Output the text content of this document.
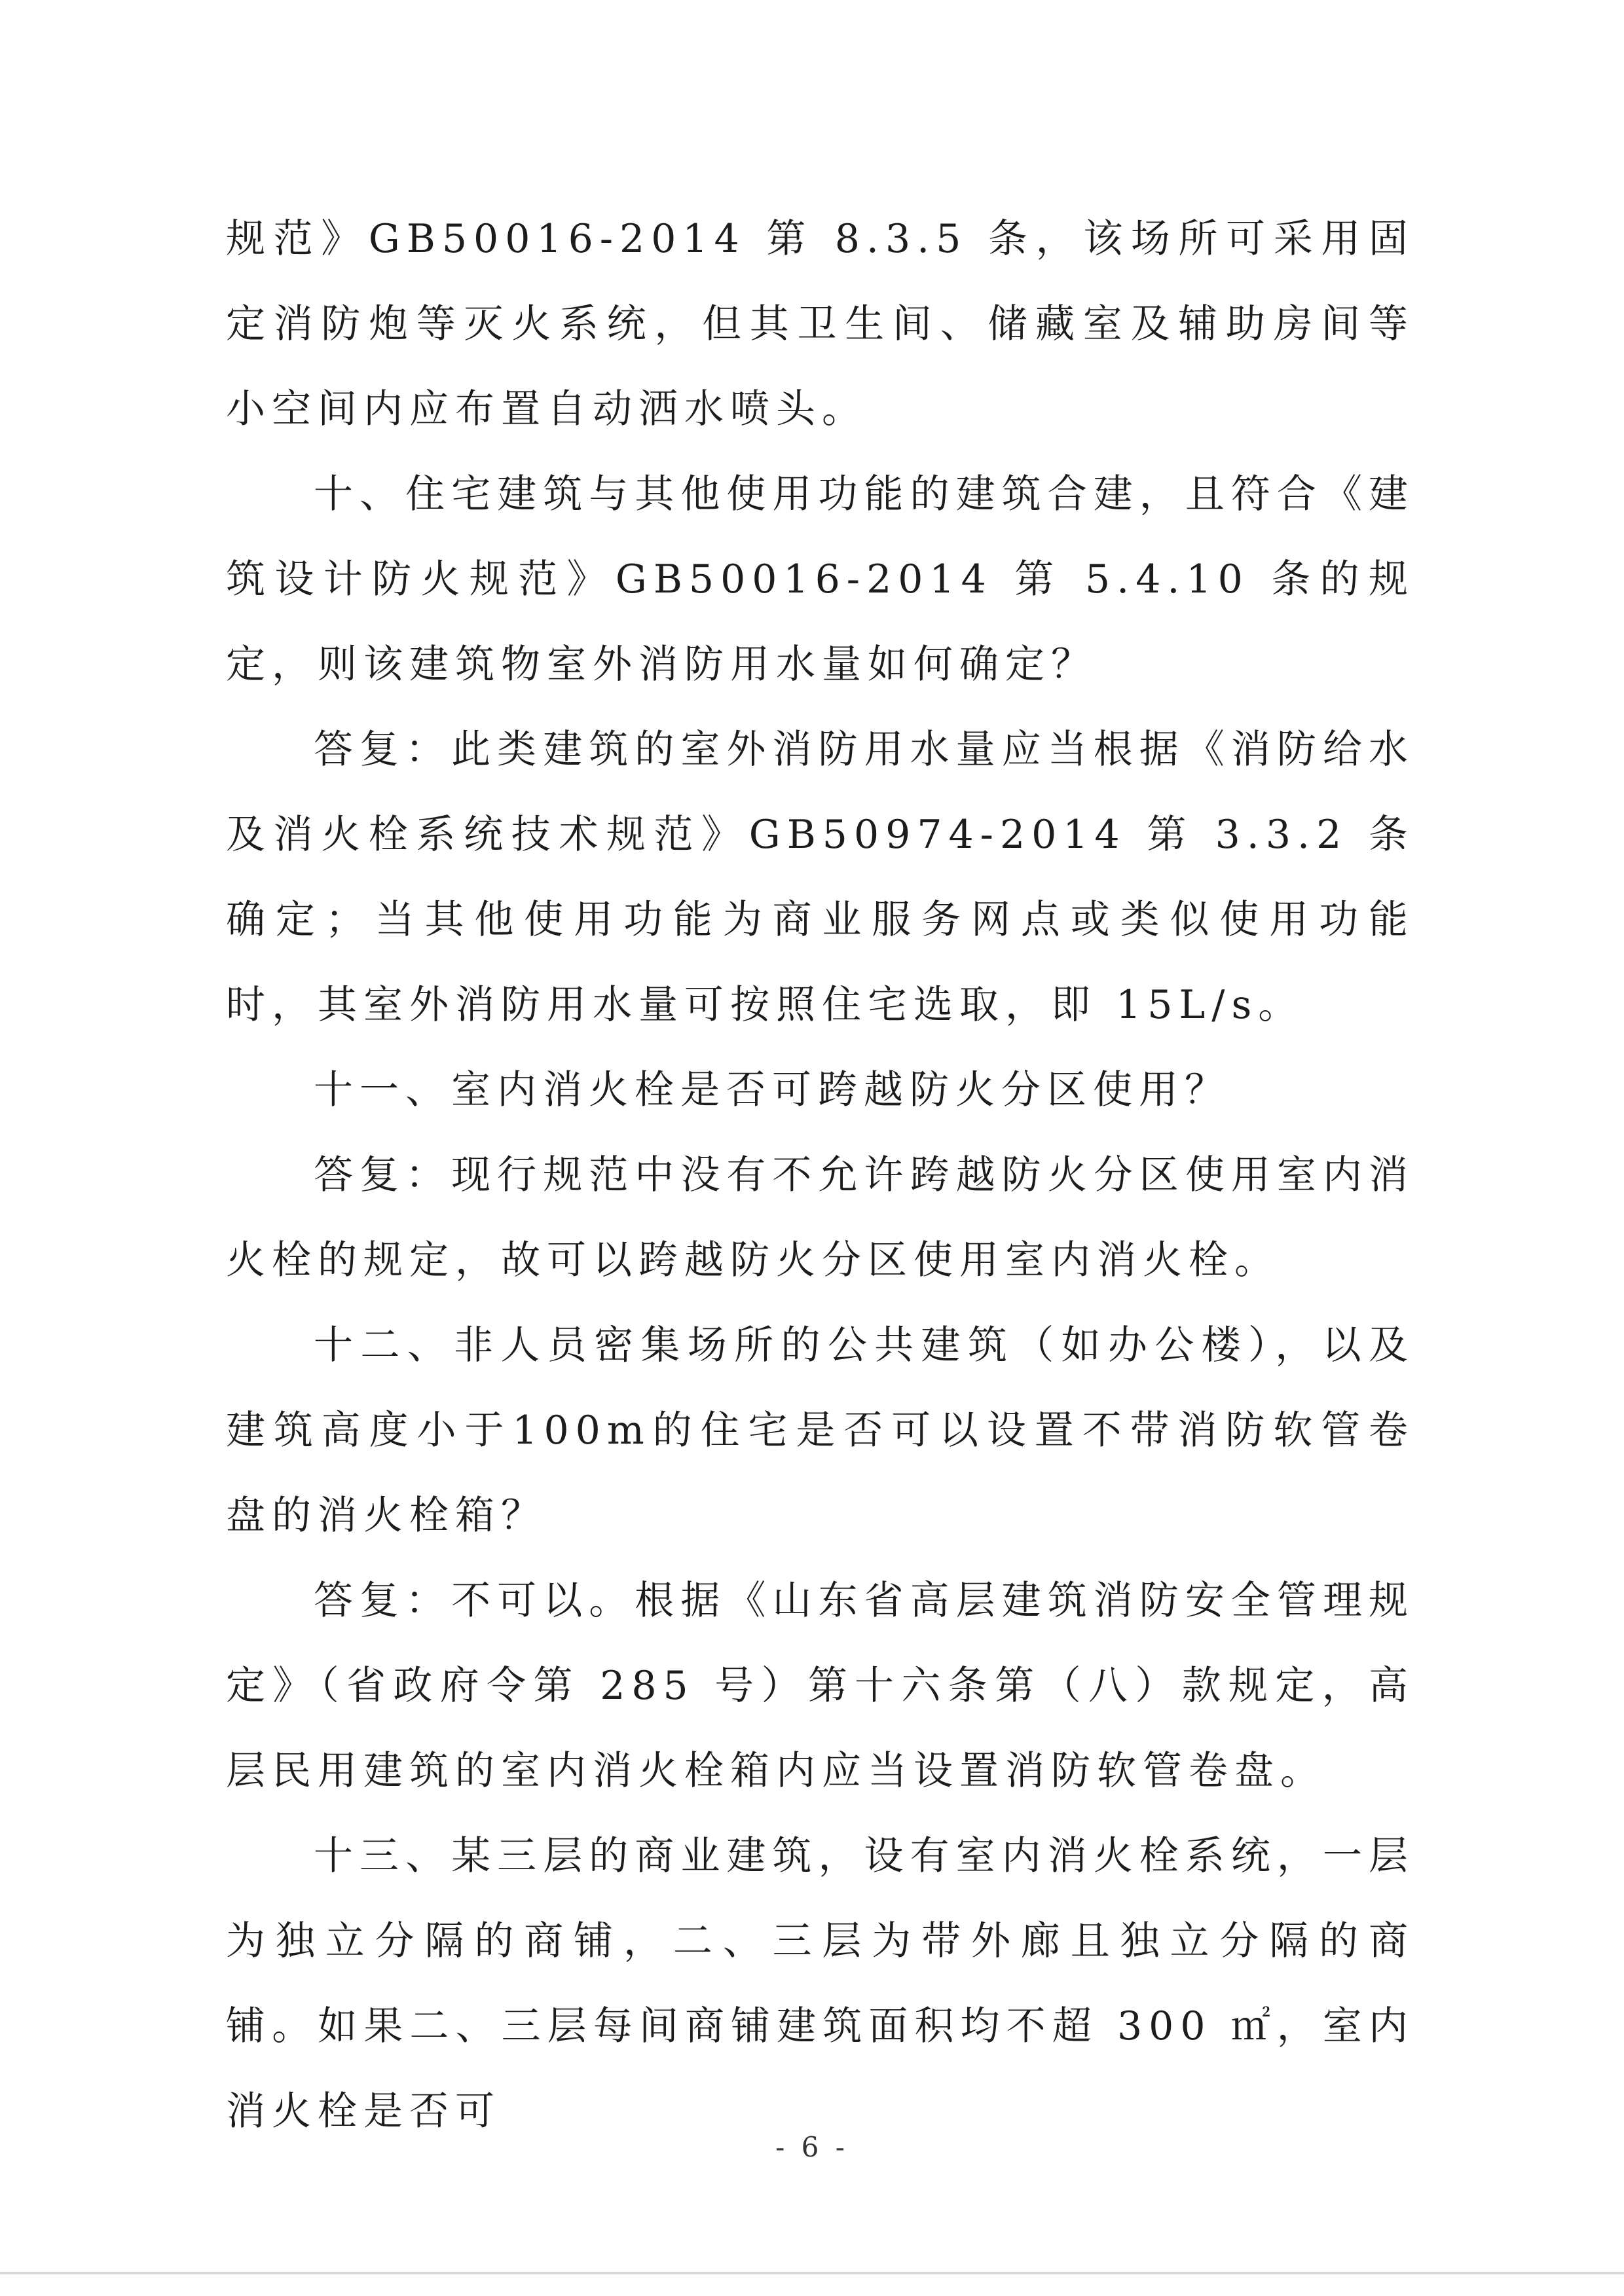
规范》GB50016-2014 第 8.3.5 条，该场所可采用固定消防炮等灭火系统，但其卫生间、储藏室及辅助房间等小空间内应布置自动洒水喷头。

十、住宅建筑与其他使用功能的建筑合建，且符合《建筑设计防火规范》GB50016-2014 第 5.4.10 条的规定，则该建筑物室外消防用水量如何确定？

答复：此类建筑的室外消防用水量应当根据《消防给水及消火栓系统技术规范》GB50974-2014 第 3.3.2 条确定；当其他使用功能为商业服务网点或类似使用功能时，其室外消防用水量可按照住宅选取，即 15L/s。

十一、室内消火栓是否可跨越防火分区使用？

答复：现行规范中没有不允许跨越防火分区使用室内消火栓的规定，故可以跨越防火分区使用室内消火栓。

十二、非人员密集场所的公共建筑（如办公楼），以及建筑高度小于100m的住宅是否可以设置不带消防软管卷盘的消火栓箱？

答复：不可以。根据《山东省高层建筑消防安全管理规定》（省政府令第 285 号）第十六条第（八）款规定，高层民用建筑的室内消火栓箱内应当设置消防软管卷盘。

十三、某三层的商业建筑，设有室内消火栓系统，一层为独立分隔的商铺，二、三层为带外廊且独立分隔的商铺。如果二、三层每间商铺建筑面积均不超 300 ㎡，室内消火栓是否可

- 6 -
